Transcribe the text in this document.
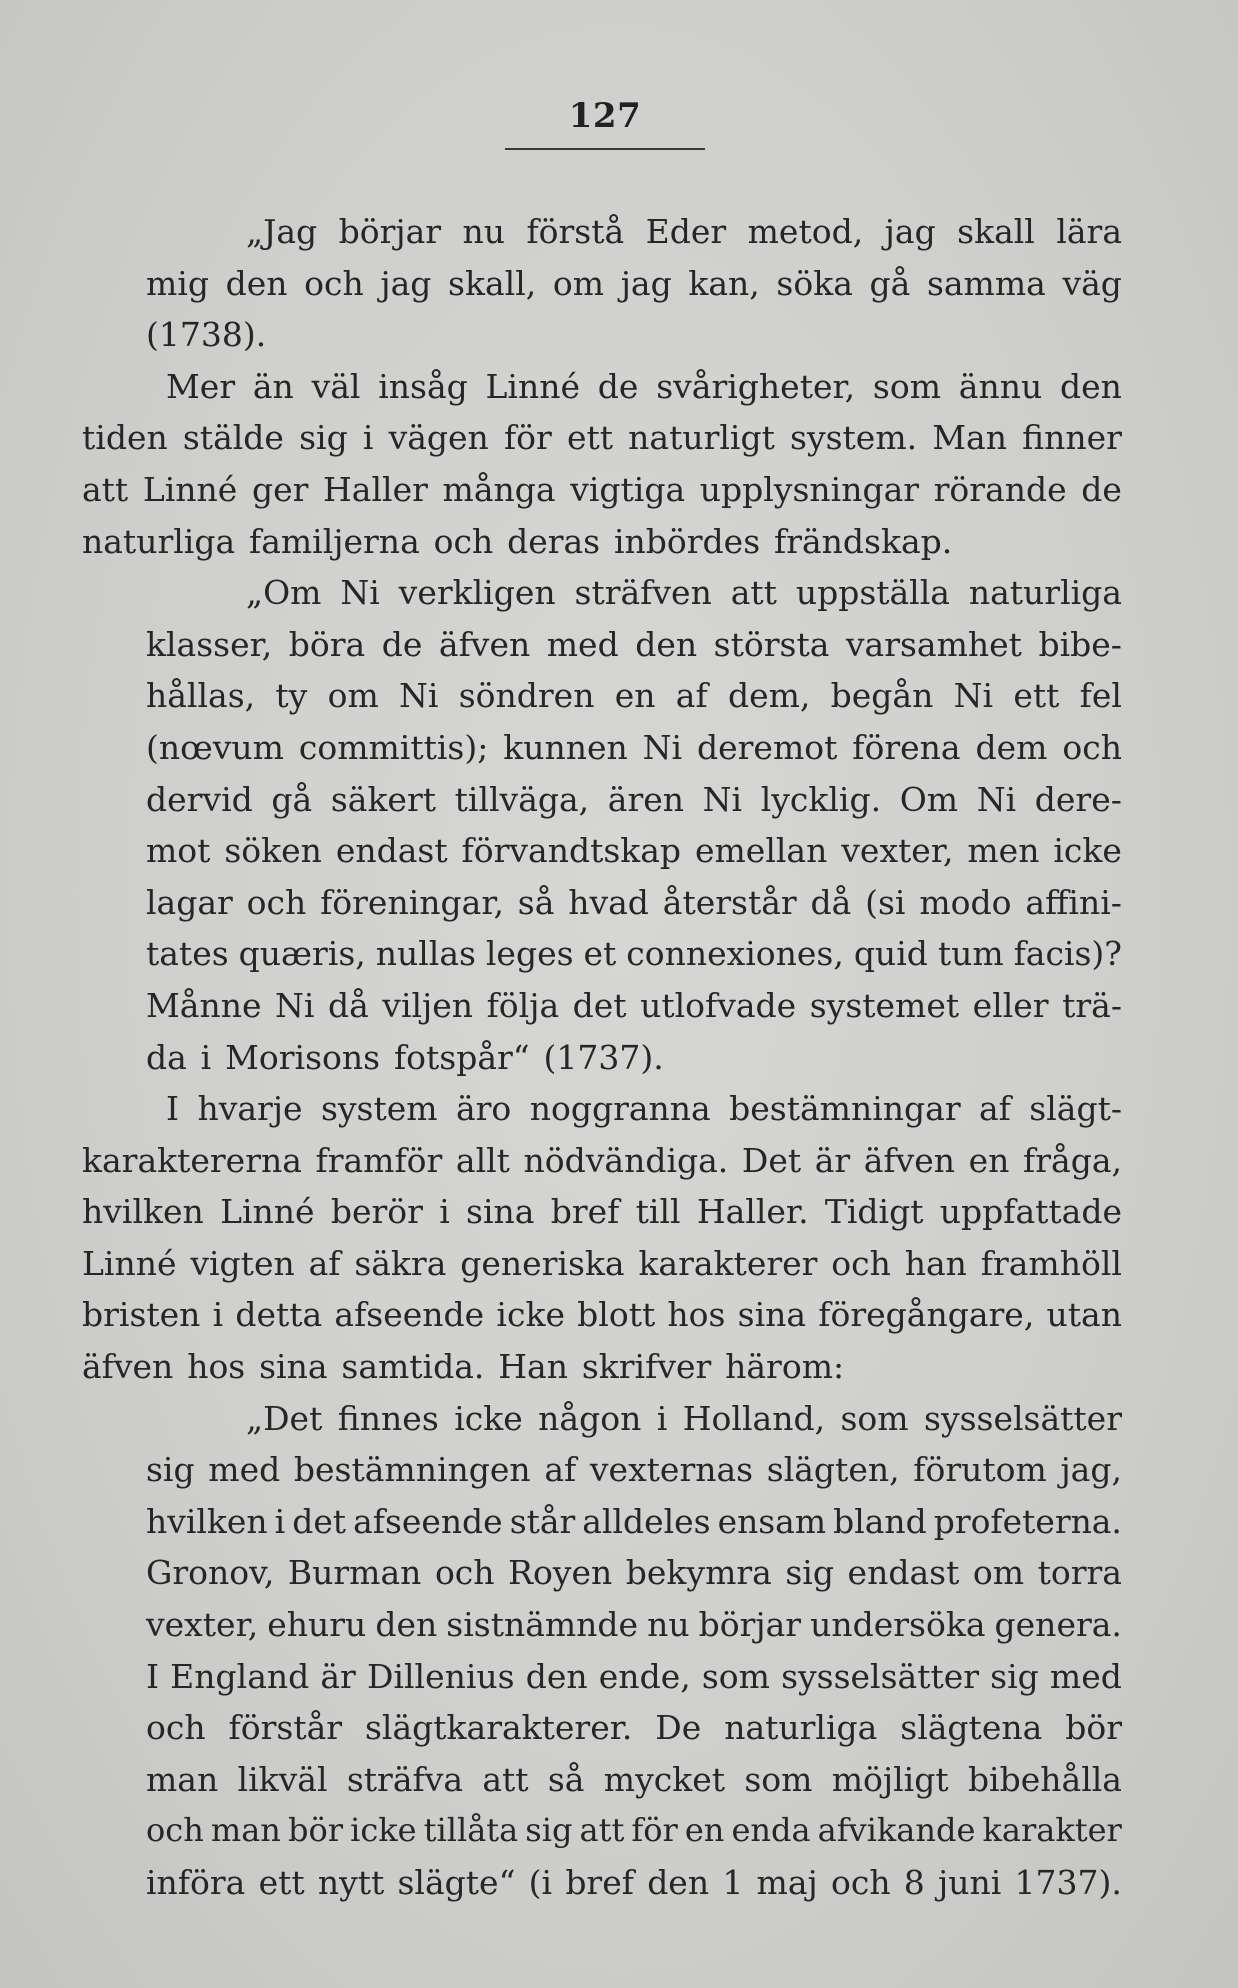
127
„Jag börjar nu förstå Eder metod, jag skall lära
mig den och jag skall, om jag kan, söka gå samma väg
(1738).
Mer än väl insåg Linné de svårigheter, som ännu den
tiden stälde sig i vägen för ett naturligt system. Man finner
att Linné ger Haller många vigtiga upplysningar rörande de
naturliga familjerna och deras inbördes frändskap.
„Om Ni verkligen sträfven att uppställa naturliga
klasser, böra de äfven med den största varsamhet bibe-
hållas, ty om Ni söndren en af dem, begån Ni ett fel
(nœvum committis); kunnen Ni deremot förena dem och
dervid gå säkert tillväga, ären Ni lycklig. Om Ni dere-
mot söken endast förvandtskap emellan vexter, men icke
lagar och föreningar, så hvad återstår då (si modo affini-
tates quæris, nullas leges et connexiones, quid tum facis)?
Månne Ni då viljen följa det utlofvade systemet eller trä-
da i Morisons fotspår“ (1737).
I hvarje system äro noggranna bestämningar af slägt-
karaktererna framför allt nödvändiga. Det är äfven en fråga,
hvilken Linné berör i sina bref till Haller. Tidigt uppfattade
Linné vigten af säkra generiska karakterer och han framhöll
bristen i detta afseende icke blott hos sina föregångare, utan
äfven hos sina samtida. Han skrifver härom:
„Det finnes icke någon i Holland, som sysselsätter
sig med bestämningen af vexternas slägten, förutom jag,
hvilken i det afseende står alldeles ensam bland profeterna.
Gronov, Burman och Royen bekymra sig endast om torra
vexter, ehuru den sistnämnde nu börjar undersöka genera.
I England är Dillenius den ende, som sysselsätter sig med
och förstår slägtkarakterer. De naturliga slägtena bör
man likväl sträfva att så mycket som möjligt bibehålla
och man bör icke tillåta sig att för en enda afvikande karakter
införa ett nytt slägte“ (i bref den 1 maj och 8 juni 1737).
